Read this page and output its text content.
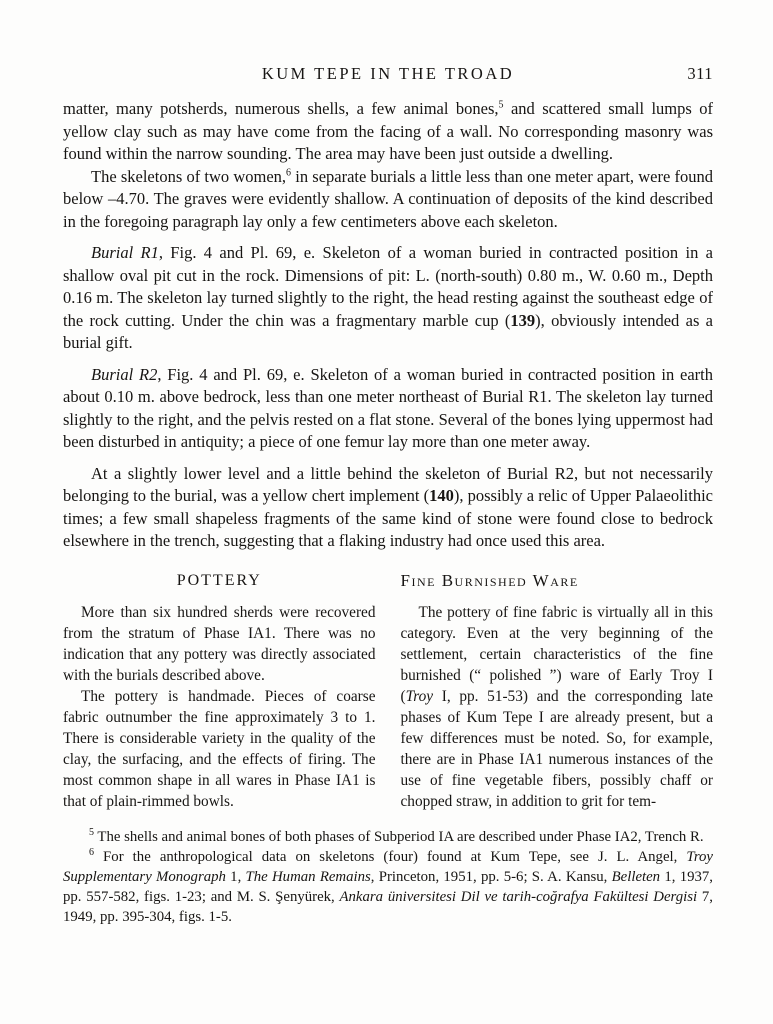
KUM TEPE IN THE TROAD	311

matter, many potsherds, numerous shells, a few animal bones,$^5$ and scattered small lumps of yellow clay such as may have come from the facing of a wall. No corresponding masonry was found within the narrow sounding. The area may have been just outside a dwelling.

The skeletons of two women,$^6$ in separate burials a little less than one meter apart, were found below –4.70. The graves were evidently shallow. A continuation of deposits of the kind described in the foregoing paragraph lay only a few centimeters above each skeleton.

Burial R1, Fig. 4 and Pl. 69, e. Skeleton of a woman buried in contracted position in a shallow oval pit cut in the rock. Dimensions of pit: L. (north-south) 0.80 m., W. 0.60 m., Depth 0.16 m. The skeleton lay turned slightly to the right, the head resting against the southeast edge of the rock cutting. Under the chin was a fragmentary marble cup (139), obviously intended as a burial gift.

Burial R2, Fig. 4 and Pl. 69, e. Skeleton of a woman buried in contracted position in earth about 0.10 m. above bedrock, less than one meter northeast of Burial R1. The skeleton lay turned slightly to the right, and the pelvis rested on a flat stone. Several of the bones lying uppermost had been disturbed in antiquity; a piece of one femur lay more than one meter away.

At a slightly lower level and a little behind the skeleton of Burial R2, but not necessarily belonging to the burial, was a yellow chert implement (140), possibly a relic of Upper Palaeolithic times; a few small shapeless fragments of the same kind of stone were found close to bedrock elsewhere in the trench, suggesting that a flaking industry had once used this area.

POTTERY

More than six hundred sherds were recovered from the stratum of Phase IA1. There was no indication that any pottery was directly associated with the burials described above.

The pottery is handmade. Pieces of coarse fabric outnumber the fine approximately 3 to 1. There is considerable variety in the quality of the clay, the surfacing, and the effects of firing. The most common shape in all wares in Phase IA1 is that of plain-rimmed bowls.

Fine Burnished Ware

The pottery of fine fabric is virtually all in this category. Even at the very beginning of the settlement, certain characteristics of the fine burnished (“ polished ”) ware of Early Troy I (Troy I, pp. 51-53) and the corresponding late phases of Kum Tepe I are already present, but a few differences must be noted. So, for example, there are in Phase IA1 numerous instances of the use of fine vegetable fibers, possibly chaff or chopped straw, in addition to grit for tem-

$^5$ The shells and animal bones of both phases of Subperiod IA are described under Phase IA2, Trench R.

$^6$ For the anthropological data on skeletons (four) found at Kum Tepe, see J. L. Angel, Troy Supplementary Monograph 1, The Human Remains, Princeton, 1951, pp. 5-6; S. A. Kansu, Belleten 1, 1937, pp. 557-582, figs. 1-23; and M. S. Şenyürek, Ankara üniversitesi Dil ve tarih-coğrafya Fakültesi Dergisi 7, 1949, pp. 395-304, figs. 1-5.
